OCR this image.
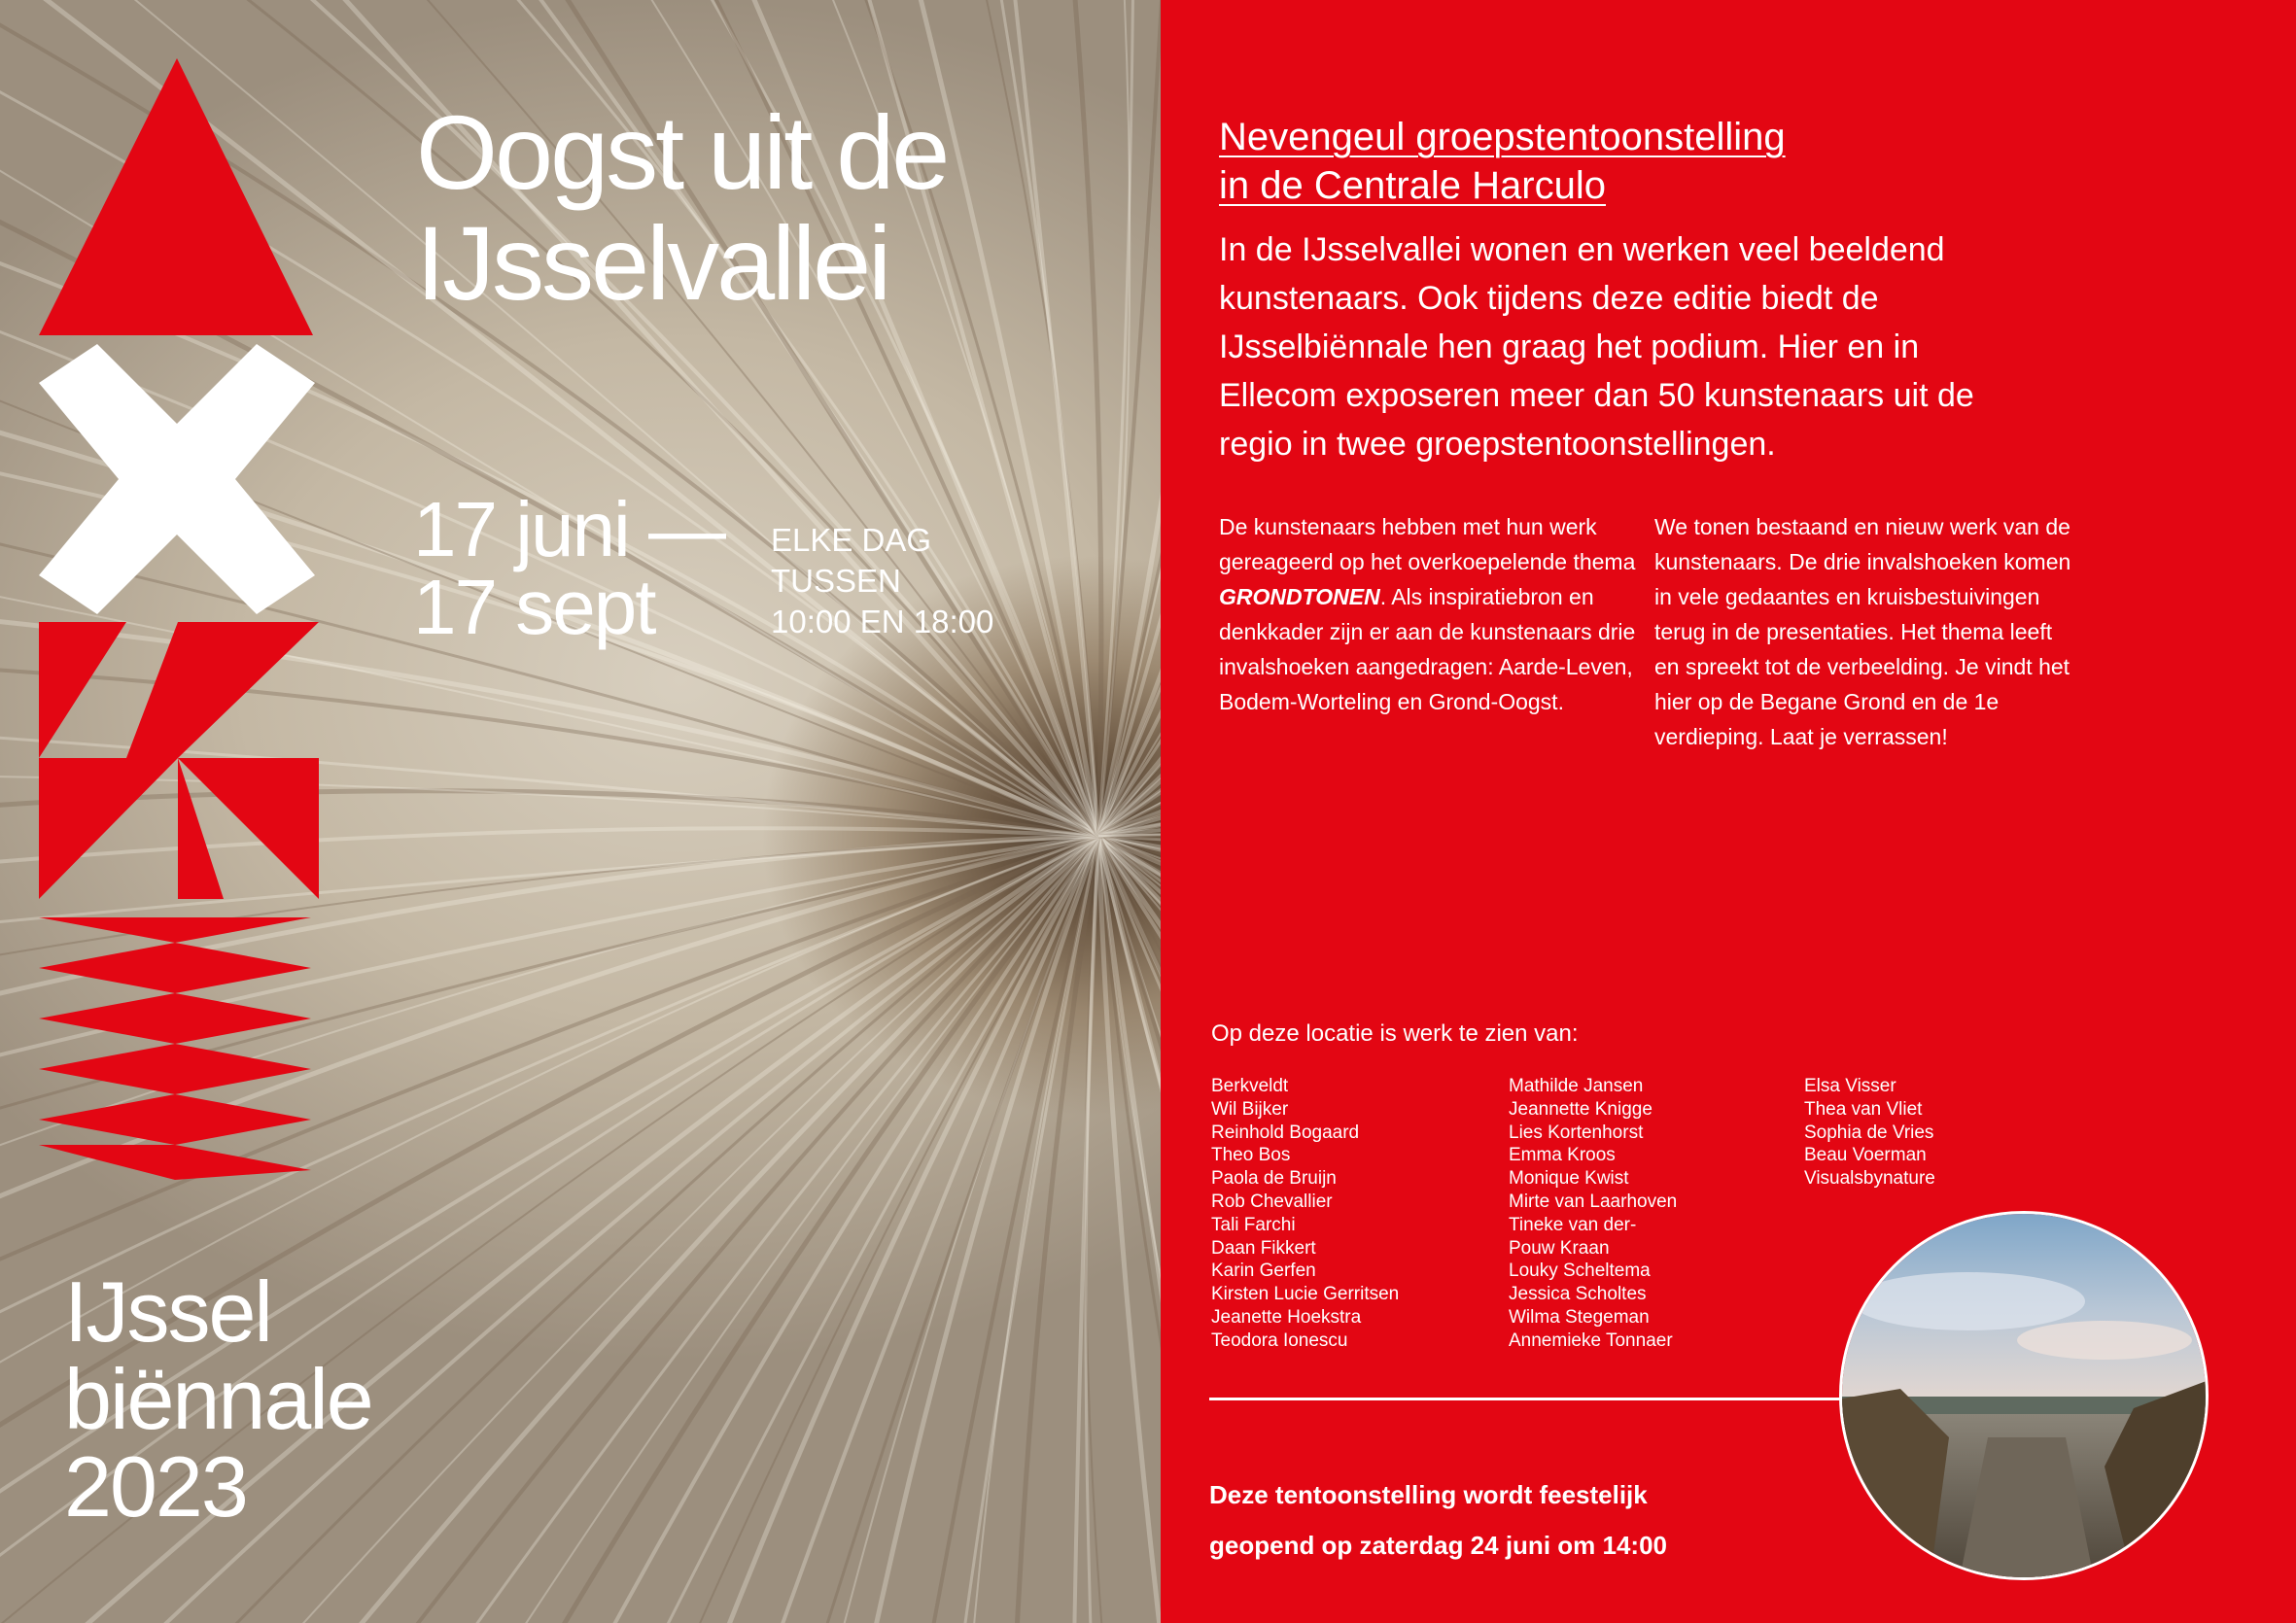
Oogst uit de
IJsselvallei
17 juni —
17 sept
ELKE DAG
TUSSEN
10:00 EN 18:00
IJssel
biënnale
2023
Nevengeul groepstentoonstelling
in de Centrale Harculo

In de IJsselvallei wonen en werken veel beeldend kunstenaars. Ook tijdens deze editie biedt de IJsselbiënnale hen graag het podium. Hier en in Ellecom exposeren meer dan 50 kunstenaars uit de regio in twee groepstentoonstellingen.

De kunstenaars hebben met hun werk gereageerd op het overkoepelende thema GRONDTONEN. Als inspiratiebron en denkkader zijn er aan de kunstenaars drie invalshoeken aangedragen: Aarde-Leven, Bodem-Worteling en Grond-Oogst.

We tonen bestaand en nieuw werk van de kunstenaars. De drie invalshoeken komen in vele gedaantes en kruisbestuivingen terug in de presentaties. Het thema leeft en spreekt tot de verbeelding. Je vindt het hier op de Begane Grond en de 1e verdieping. Laat je verrassen!

Op deze locatie is werk te zien van:

Berkveldt
Wil Bijker
Reinhold Bogaard
Theo Bos
Paola de Bruijn
Rob Chevallier
Tali Farchi
Daan Fikkert
Karin Gerfen
Kirsten Lucie Gerritsen
Jeanette Hoekstra
Teodora Ionescu
Mathilde Jansen
Jeannette Knigge
Lies Kortenhorst
Emma Kroos
Monique Kwist
Mirte van Laarhoven
Tineke van der-
Pouw Kraan
Louky Scheltema
Jessica Scholtes
Wilma Stegeman
Annemieke Tonnaer
Elsa Visser
Thea van Vliet
Sophia de Vries
Beau Voerman
Visualsbynature

Deze tentoonstelling wordt feestelijk
geopend op zaterdag 24 juni om 14:00
